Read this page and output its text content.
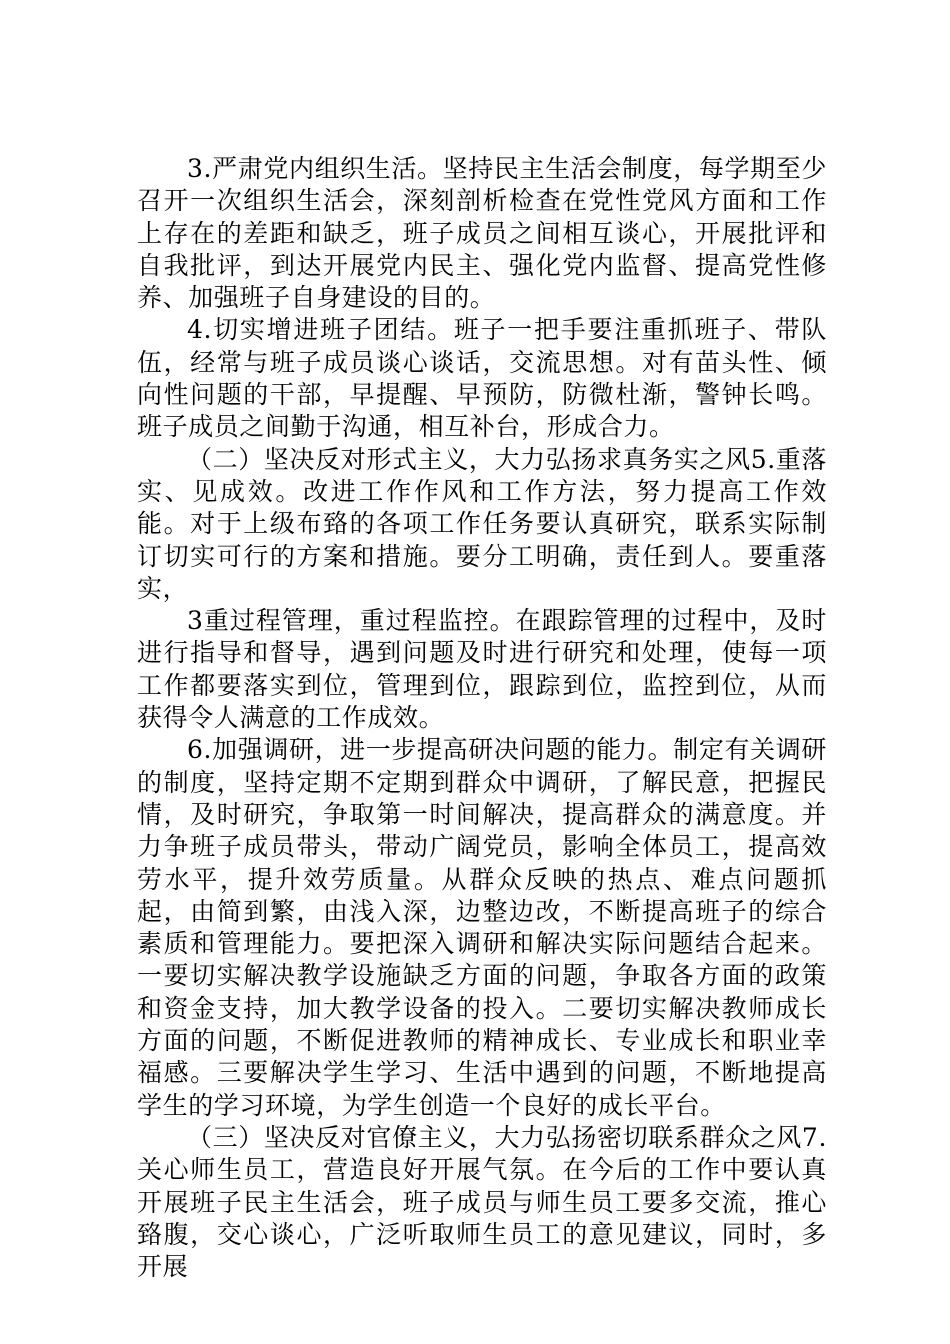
3.严肃党内组织生活。坚持民主生活会制度，每学期至少召开一次组织生活会，深刻剖析检查在党性党风方面和工作上存在的差距和缺乏，班子成员之间相互谈心，开展批评和自我批评，到达开展党内民主、强化党内监督、提高党性修养、加强班子自身建设的目的。

4.切实增进班子团结。班子一把手要注重抓班子、带队伍，经常与班子成员谈心谈话，交流思想。对有苗头性、倾向性问题的干部，早提醒、早预防，防微杜渐，警钟长鸣。班子成员之间勤于沟通，相互补台，形成合力。

（二）坚决反对形式主义，大力弘扬求真务实之风5.重落实、见成效。改进工作作风和工作方法，努力提高工作效能。对于上级布臵的各项工作任务要认真研究，联系实际制订切实可行的方案和措施。要分工明确，责任到人。要重落实，

3重过程管理，重过程监控。在跟踪管理的过程中，及时进行指导和督导，遇到问题及时进行研究和处理，使每一项工作都要落实到位，管理到位，跟踪到位，监控到位，从而获得令人满意的工作成效。

6.加强调研，进一步提高研决问题的能力。制定有关调研的制度，坚持定期不定期到群众中调研，了解民意，把握民情，及时研究，争取第一时间解决，提高群众的满意度。并力争班子成员带头，带动广阔党员，影响全体员工，提高效劳水平，提升效劳质量。从群众反映的热点、难点问题抓起，由简到繁，由浅入深，边整边改，不断提高班子的综合素质和管理能力。要把深入调研和解决实际问题结合起来。一要切实解决教学设施缺乏方面的问题，争取各方面的政策和资金支持，加大教学设备的投入。二要切实解决教师成长方面的问题，不断促进教师的精神成长、专业成长和职业幸福感。三要解决学生学习、生活中遇到的问题，不断地提高学生的学习环境，为学生创造一个良好的成长平台。

（三）坚决反对官僚主义，大力弘扬密切联系群众之风7.关心师生员工，营造良好开展气氛。在今后的工作中要认真开展班子民主生活会，班子成员与师生员工要多交流，推心臵腹，交心谈心，广泛听取师生员工的意见建议，同时，多开展
